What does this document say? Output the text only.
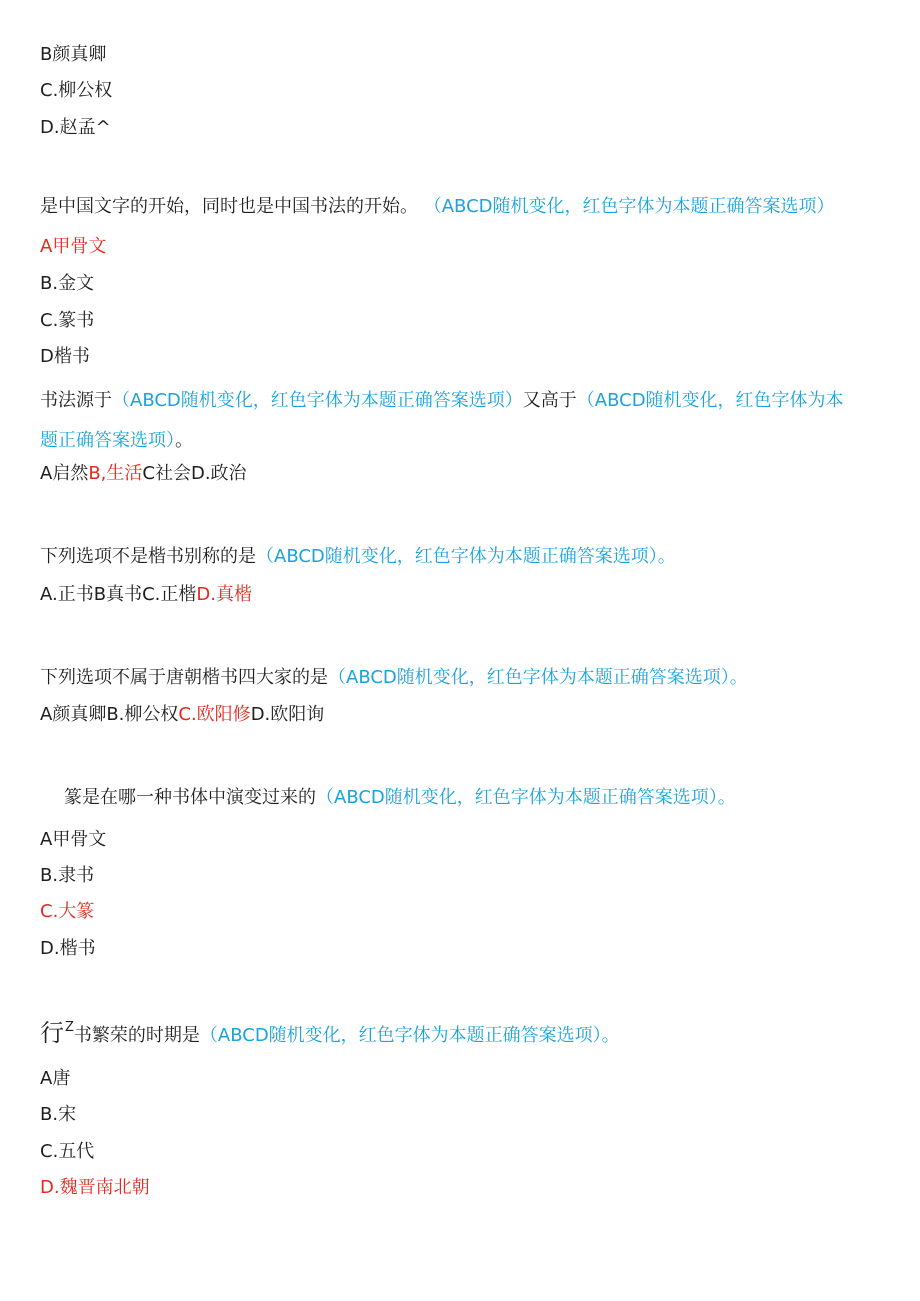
B颜真卿
C.柳公权
D.赵孟^
是中国文字的开始，同时也是中国书法的开始。 （ABCD随机变化，红色字体为本题正确答案选项）
A甲骨文
B.金文
C.篆书
D楷书
书法源于（ABCD随机变化，红色字体为本题正确答案选项）又高于（ABCD随机变化，红色字体为本
题正确答案选项）。
A启然B,生活C社会D.政治
下列选项不是楷书别称的是（ABCD随机变化，红色字体为本题正确答案选项）。
A.正书B真书C.正楷D.真楷
下列选项不属于唐朝楷书四大家的是（ABCD随机变化，红色字体为本题正确答案选项）。
A颜真卿B.柳公权C.欧阳修D.欧阳询
篆是在哪一种书体中演变过来的（ABCD随机变化，红色字体为本题正确答案选项）。
A甲骨文
B.隶书
C.大篆
D.楷书
行$^Z$书繁荣的时期是（ABCD随机变化，红色字体为本题正确答案选项）。
A唐
B.宋
C.五代
D.魏晋南北朝
